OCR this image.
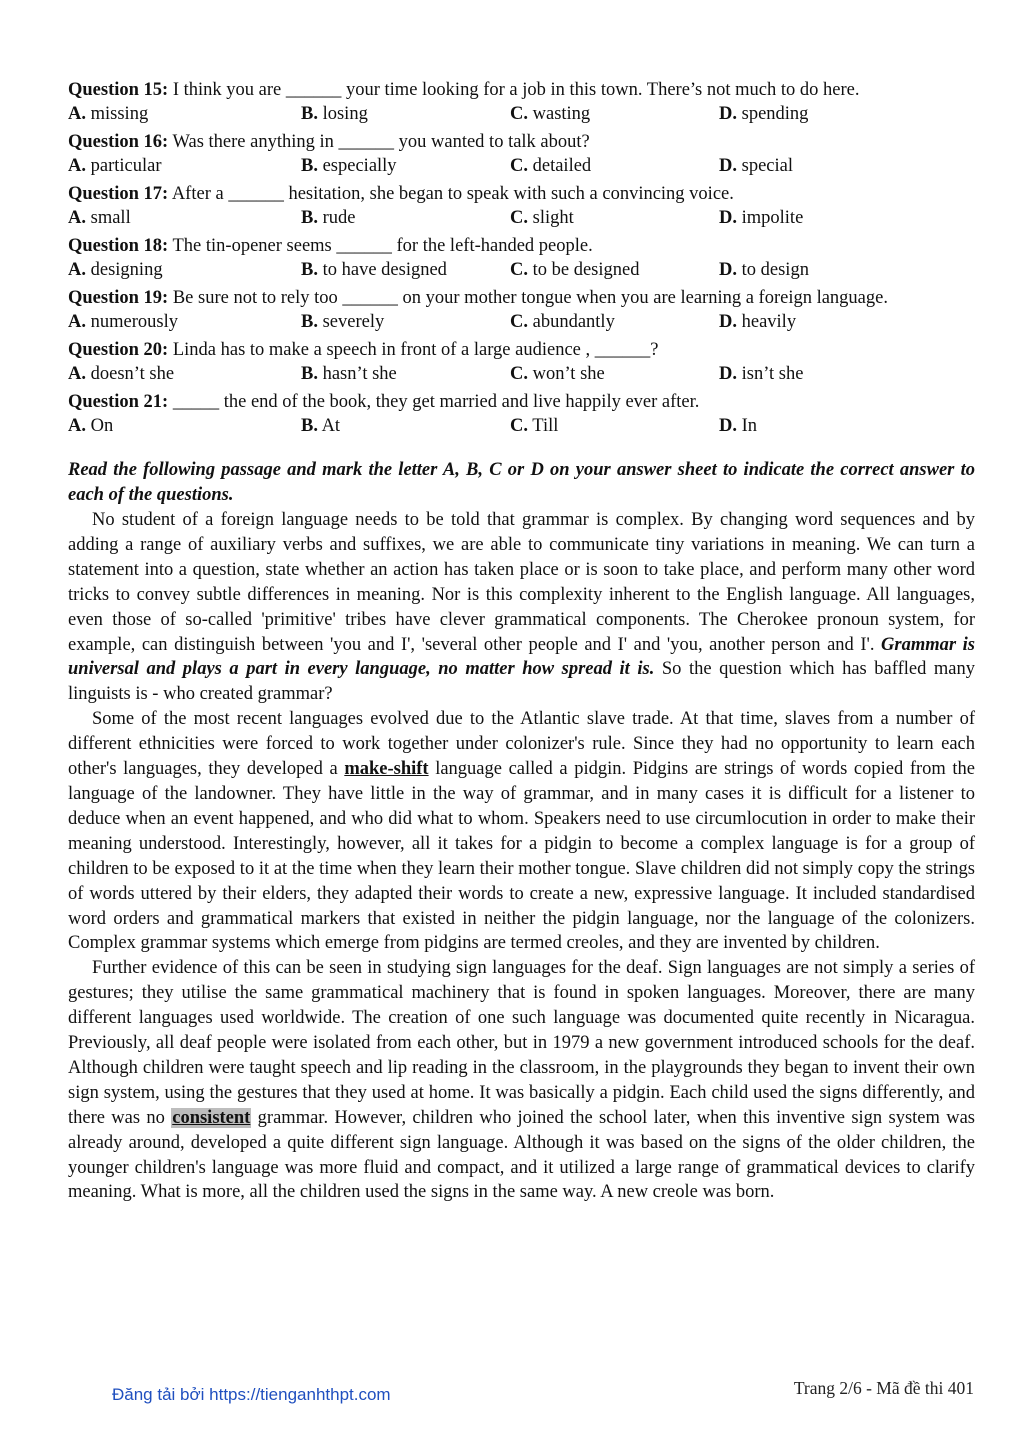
Question 15: I think you are ______ your time looking for a job in this town. There’s not much to do here.
A. missing	B. losing	C. wasting	D. spending
Question 16: Was there anything in ______ you wanted to talk about?
A. particular	B. especially	C. detailed	D. special
Question 17: After a ______ hesitation, she began to speak with such a convincing voice.
A. small	B. rude	C. slight	D. impolite
Question 18: The tin-opener seems ______ for the left-handed people.
A. designing	B. to have designed	C. to be designed	D. to design
Question 19: Be sure not to rely too ______ on your mother tongue when you are learning a foreign language.
A. numerously	B. severely	C. abundantly	D. heavily
Question 20: Linda has to make a speech in front of a large audience , ______?
A. doesn’t she	B. hasn’t she	C. won’t she	D. isn’t she
Question 21: _____ the end of the book, they get married and live happily ever after.
A. On	B. At	C. Till	D. In
Read the following passage and mark the letter A, B, C or D on your answer sheet to indicate the correct answer to each of the questions.
No student of a foreign language needs to be told that grammar is complex. By changing word sequences and by adding a range of auxiliary verbs and suffixes, we are able to communicate tiny variations in meaning. We can turn a statement into a question, state whether an action has taken place or is soon to take place, and perform many other word tricks to convey subtle differences in meaning. Nor is this complexity inherent to the English language. All languages, even those of so-called 'primitive' tribes have clever grammatical components. The Cherokee pronoun system, for example, can distinguish between 'you and I', 'several other people and I' and 'you, another person and I'. Grammar is universal and plays a part in every language, no matter how spread it is. So the question which has baffled many linguists is - who created grammar?
Some of the most recent languages evolved due to the Atlantic slave trade. At that time, slaves from a number of different ethnicities were forced to work together under colonizer's rule. Since they had no opportunity to learn each other's languages, they developed a make-shift language called a pidgin. Pidgins are strings of words copied from the language of the landowner. They have little in the way of grammar, and in many cases it is difficult for a listener to deduce when an event happened, and who did what to whom. Speakers need to use circumlocution in order to make their meaning understood. Interestingly, however, all it takes for a pidgin to become a complex language is for a group of children to be exposed to it at the time when they learn their mother tongue. Slave children did not simply copy the strings of words uttered by their elders, they adapted their words to create a new, expressive language. It included standardised word orders and grammatical markers that existed in neither the pidgin language, nor the language of the colonizers. Complex grammar systems which emerge from pidgins are termed creoles, and they are invented by children.
Further evidence of this can be seen in studying sign languages for the deaf. Sign languages are not simply a series of gestures; they utilise the same grammatical machinery that is found in spoken languages. Moreover, there are many different languages used worldwide. The creation of one such language was documented quite recently in Nicaragua. Previously, all deaf people were isolated from each other, but in 1979 a new government introduced schools for the deaf. Although children were taught speech and lip reading in the classroom, in the playgrounds they began to invent their own sign system, using the gestures that they used at home. It was basically a pidgin. Each child used the signs differently, and there was no consistent grammar. However, children who joined the school later, when this inventive sign system was already around, developed a quite different sign language. Although it was based on the signs of the older children, the younger children's language was more fluid and compact, and it utilized a large range of grammatical devices to clarify meaning. What is more, all the children used the signs in the same way. A new creole was born.
Đăng tải bởi https://tienganhthpt.com	Trang 2/6 - Mã đề thi 401
